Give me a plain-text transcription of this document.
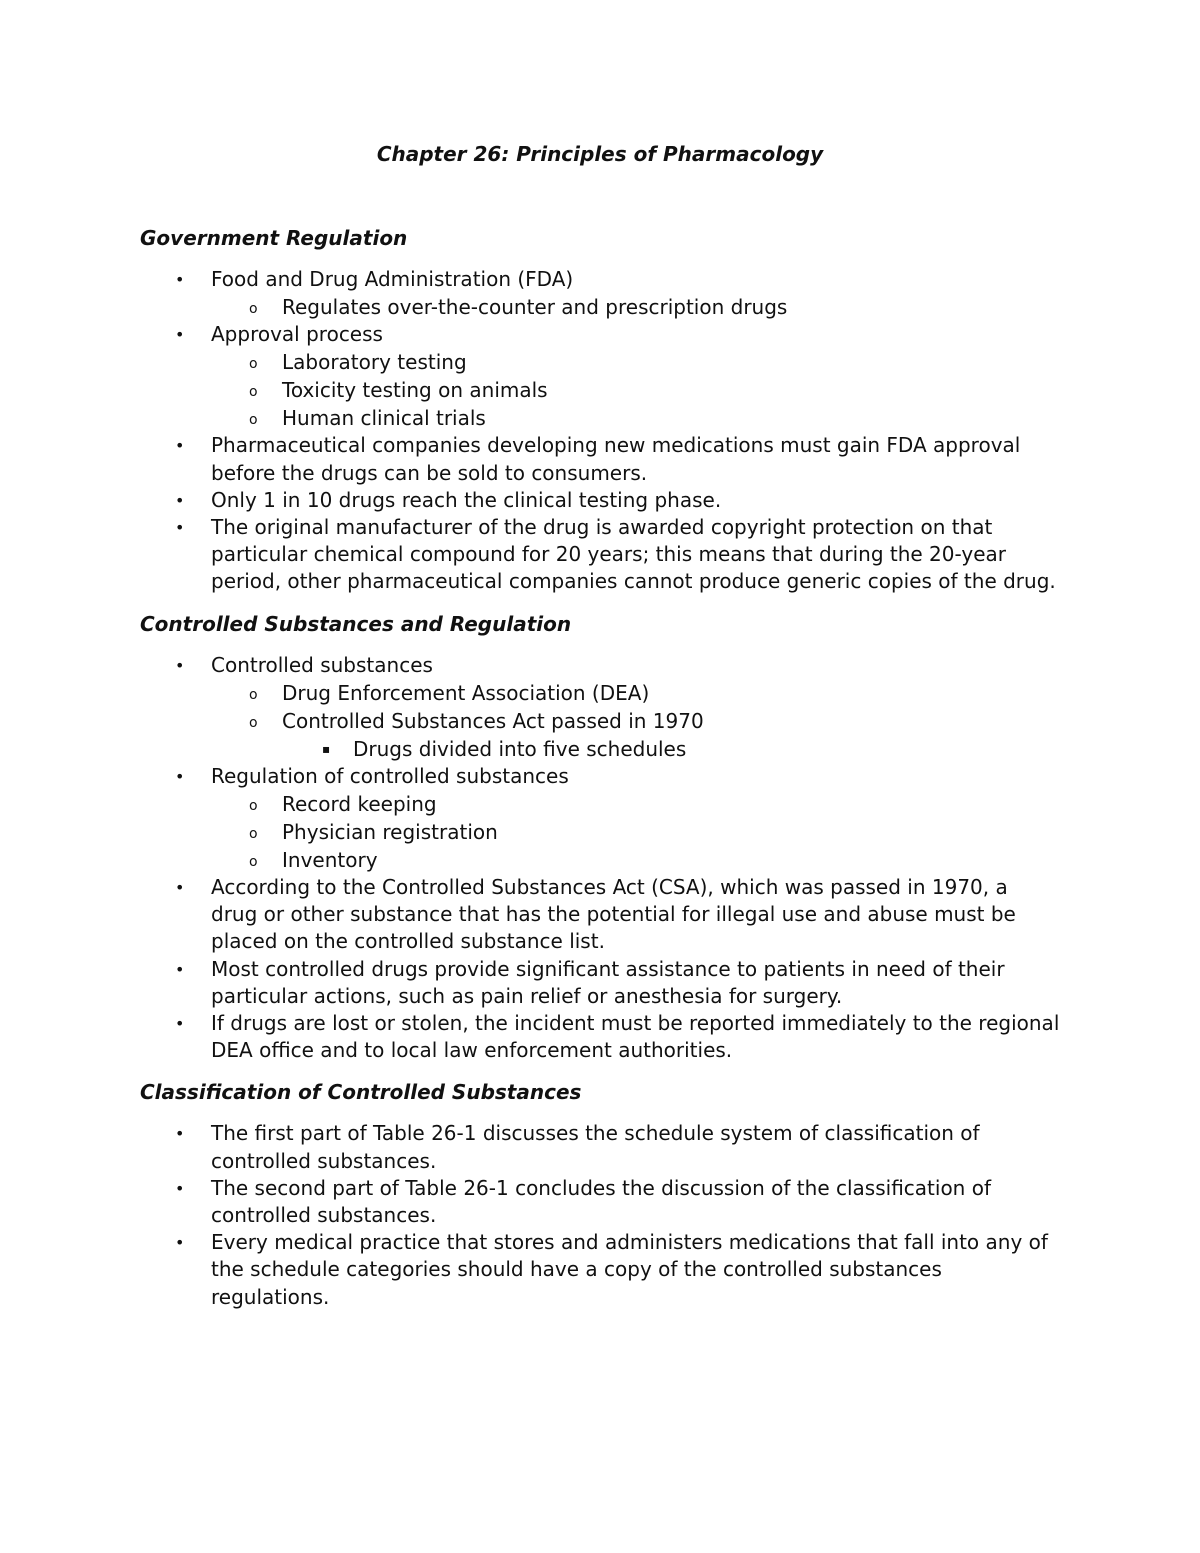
Chapter 26: Principles of Pharmacology
Government Regulation
• Food and Drug Administration (FDA)
o Regulates over-the-counter and prescription drugs
• Approval process
o Laboratory testing
o Toxicity testing on animals
o Human clinical trials
• Pharmaceutical companies developing new medications must gain FDA approval before the drugs can be sold to consumers.
• Only 1 in 10 drugs reach the clinical testing phase.
• The original manufacturer of the drug is awarded copyright protection on that particular chemical compound for 20 years; this means that during the 20-year period, other pharmaceutical companies cannot produce generic copies of the drug.
Controlled Substances and Regulation
• Controlled substances
o Drug Enforcement Association (DEA)
o Controlled Substances Act passed in 1970
▪ Drugs divided into five schedules
• Regulation of controlled substances
o Record keeping
o Physician registration
o Inventory
• According to the Controlled Substances Act (CSA), which was passed in 1970, a drug or other substance that has the potential for illegal use and abuse must be placed on the controlled substance list.
• Most controlled drugs provide significant assistance to patients in need of their particular actions, such as pain relief or anesthesia for surgery.
• If drugs are lost or stolen, the incident must be reported immediately to the regional DEA office and to local law enforcement authorities.
Classification of Controlled Substances
• The first part of Table 26-1 discusses the schedule system of classification of controlled substances.
• The second part of Table 26-1 concludes the discussion of the classification of controlled substances.
• Every medical practice that stores and administers medications that fall into any of the schedule categories should have a copy of the controlled substances regulations.
